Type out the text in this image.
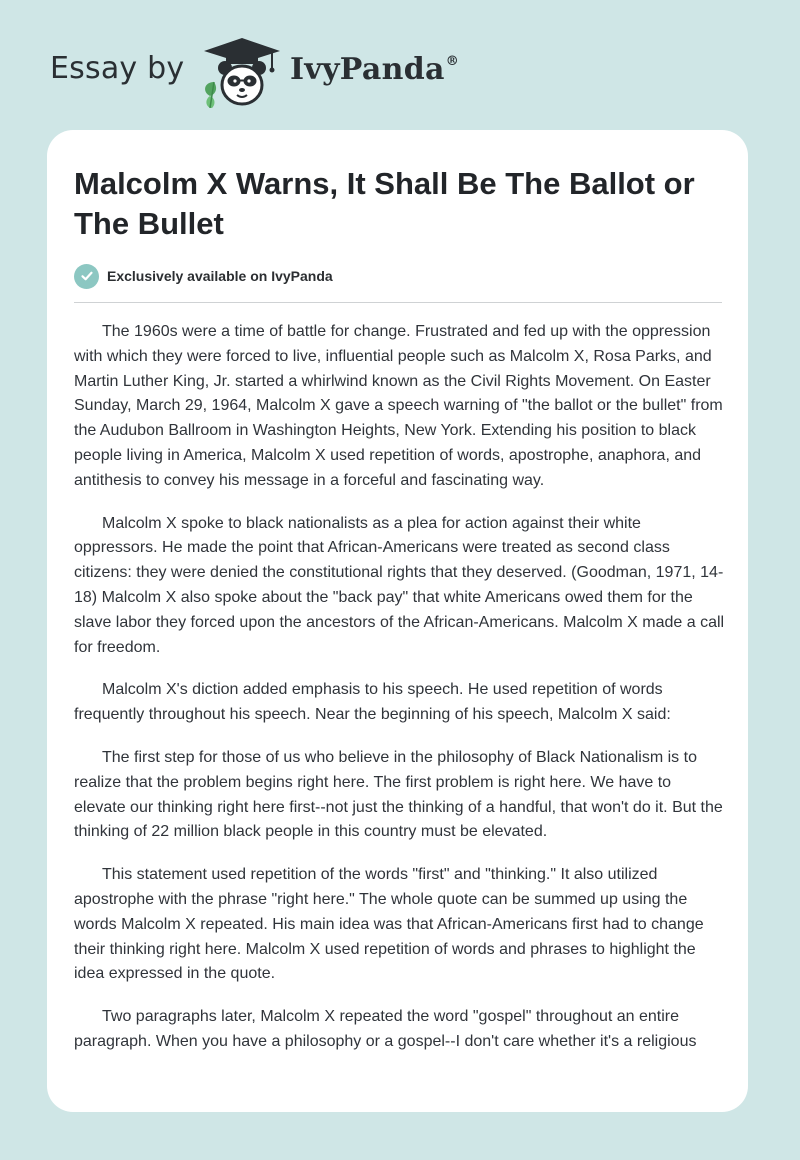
Essay by	IvyPanda®
Malcolm X Warns, It Shall Be The Ballot or The Bullet
Exclusively available on IvyPanda

The 1960s were a time of battle for change. Frustrated and fed up with the oppression with which they were forced to live, influential people such as Malcolm X, Rosa Parks, and Martin Luther King, Jr. started a whirlwind known as the Civil Rights Movement. On Easter Sunday, March 29, 1964, Malcolm X gave a speech warning of "the ballot or the bullet" from the Audubon Ballroom in Washington Heights, New York. Extending his position to black people living in America, Malcolm X used repetition of words, apostrophe, anaphora, and antithesis to convey his message in a forceful and fascinating way.

Malcolm X spoke to black nationalists as a plea for action against their white oppressors. He made the point that African-Americans were treated as second class citizens: they were denied the constitutional rights that they deserved. (Goodman, 1971, 14-18) Malcolm X also spoke about the "back pay" that white Americans owed them for the slave labor they forced upon the ancestors of the African-Americans. Malcolm X made a call for freedom.

Malcolm X's diction added emphasis to his speech. He used repetition of words frequently throughout his speech. Near the beginning of his speech, Malcolm X said:

The first step for those of us who believe in the philosophy of Black Nationalism is to realize that the problem begins right here. The first problem is right here. We have to elevate our thinking right here first--not just the thinking of a handful, that won't do it. But the thinking of 22 million black people in this country must be elevated.

This statement used repetition of the words "first" and "thinking." It also utilized apostrophe with the phrase "right here." The whole quote can be summed up using the words Malcolm X repeated. His main idea was that African-Americans first had to change their thinking right here. Malcolm X used repetition of words and phrases to highlight the idea expressed in the quote.

Two paragraphs later, Malcolm X repeated the word "gospel" throughout an entire paragraph. When you have a philosophy or a gospel--I don't care whether it's a religious
